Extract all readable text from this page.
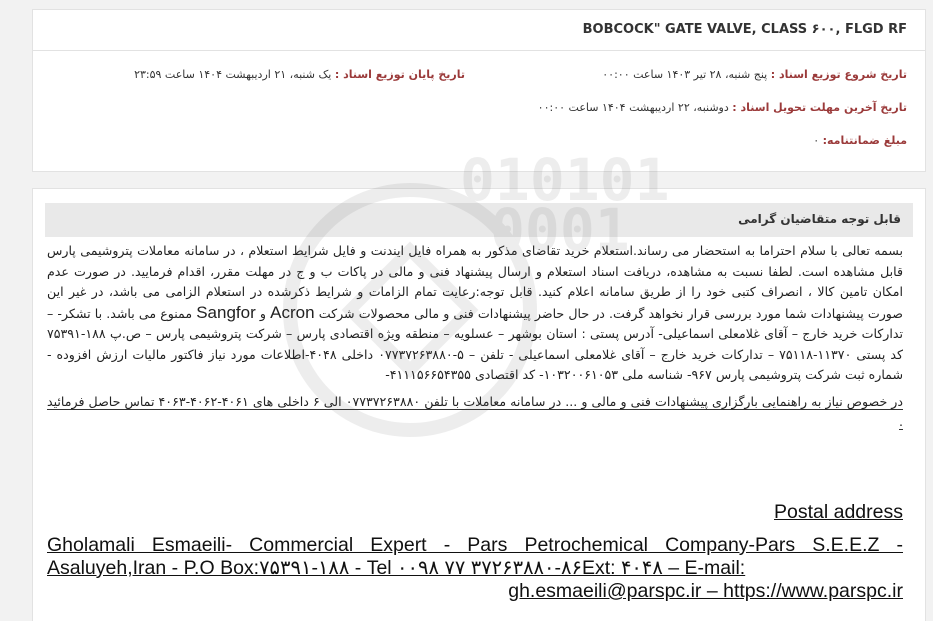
BOBCOCK" GATE VALVE, CLASS ۶۰۰, FLGD RF
تاریخ شروع توزیع اسناد : پنج شنبه، ۲۸ تیر ۱۴۰۳ ساعت ۰۰:۰۰
تاریخ پایان توزیع اسناد : یک شنبه، ۲۱ اردیبهشت ۱۴۰۴ ساعت ۲۳:۵۹
تاریخ آخرین مهلت تحویل اسناد : دوشنبه، ۲۲ اردیبهشت ۱۴۰۴ ساعت ۰۰:۰۰
مبلغ ضمانتنامه: ۰
قابل توجه متقاضیان گرامی

بسمه تعالی با سلام احتراما به استحضار می رساند.استعلام خرید تقاضای مذکور به همراه فایل ایندنت و فایل شرایط استعلام ، در سامانه معاملات پتروشیمی پارس قابل مشاهده است. لطفا نسبت به مشاهده، دریافت اسناد استعلام و ارسال پیشنهاد فنی و مالی در پاکات ب و ج در مهلت مقرر، اقدام فرمایید. در صورت عدم امکان تامین کالا ، انصراف کتبی خود را از طریق سامانه اعلام کنید. قابل توجه:رعایت تمام الزامات و شرایط ذکرشده در استعلام الزامی می باشد، در غیر این صورت پیشنهادات شما مورد بررسی قرار نخواهد گرفت. در حال حاضر پیشنهادات فنی و مالی محصولات شرکت Acron و Sangfor ممنوع می باشد. با تشکر- – تدارکات خرید خارج – آقای غلامعلی اسماعیلی- آدرس پستی : استان بوشهر – عسلویه – منطقه ویژه اقتصادی پارس – شرکت پتروشیمی پارس – ص.پ ۱۸۸-۷۵۳۹۱ کد پستی ۱۱۳۷۰-۷۵۱۱۸ – تدارکات خرید خارج – آقای غلامعلی اسماعیلی - تلفن – ۵-۰۷۷۳۷۲۶۳۸۸۰ داخلی ۴۰۴۸-اطلاعات مورد نیاز فاکتور مالیات ارزش افزوده - شماره ثبت شرکت پتروشیمی پارس ۹۶۷- شناسه ملی ۱۰۳۲۰۰۶۱۰۵۳- کد اقتصادی ۴۱۱۱۵۶۶۵۴۳۵۵-

در خصوص نیاز به راهنمایی بارگزاری پیشنهادات فنی و مالی و ... در سامانه معاملات با تلفن ۰۷۷۳۷۲۶۳۸۸۰ الی ۶ داخلی های ۴۰۶۱-۴۰۶۲-۴۰۶۳ تماس حاصل فرمائید .

Postal address
Gholamali Esmaeili- Commercial Expert - Pars Petrochemical Company-Pars S.E.E.Z - Asaluyeh,Iran - P.O Box:۷۵۳۹۱-۱۸۸ - Tel ۰۰۹۸ ۷۷ ۳۷۲۶۳۸۸۰-۸۶Ext: ۴۰۴۸ – E-mail:
gh.esmaeili@parspc.ir – https://www.parspc.ir
010101
